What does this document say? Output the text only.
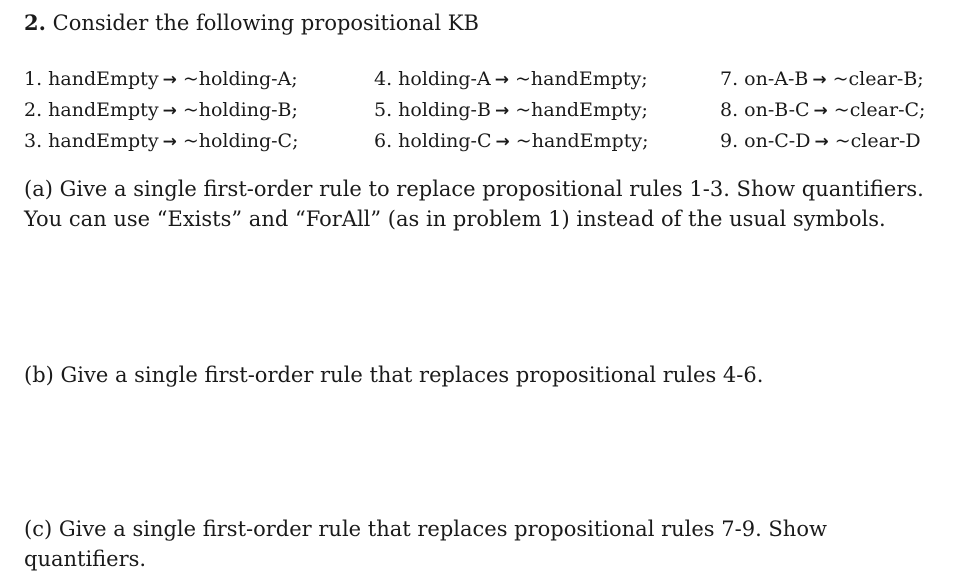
2. Consider the following propositional KB
1. handEmpty → ~holding-A;
2. handEmpty → ~holding-B;
3. handEmpty → ~holding-C;
4. holding-A → ~handEmpty;
5. holding-B → ~handEmpty;
6. holding-C → ~handEmpty;
7. on-A-B → ~clear-B;
8. on-B-C → ~clear-C;
9. on-C-D → ~clear-D
(a) Give a single first-order rule to replace propositional rules 1-3. Show quantifiers. You can use “Exists” and “ForAll” (as in problem 1) instead of the usual symbols.
(b) Give a single first-order rule that replaces propositional rules 4-6.
(c) Give a single first-order rule that replaces propositional rules 7-9. Show quantifiers.
